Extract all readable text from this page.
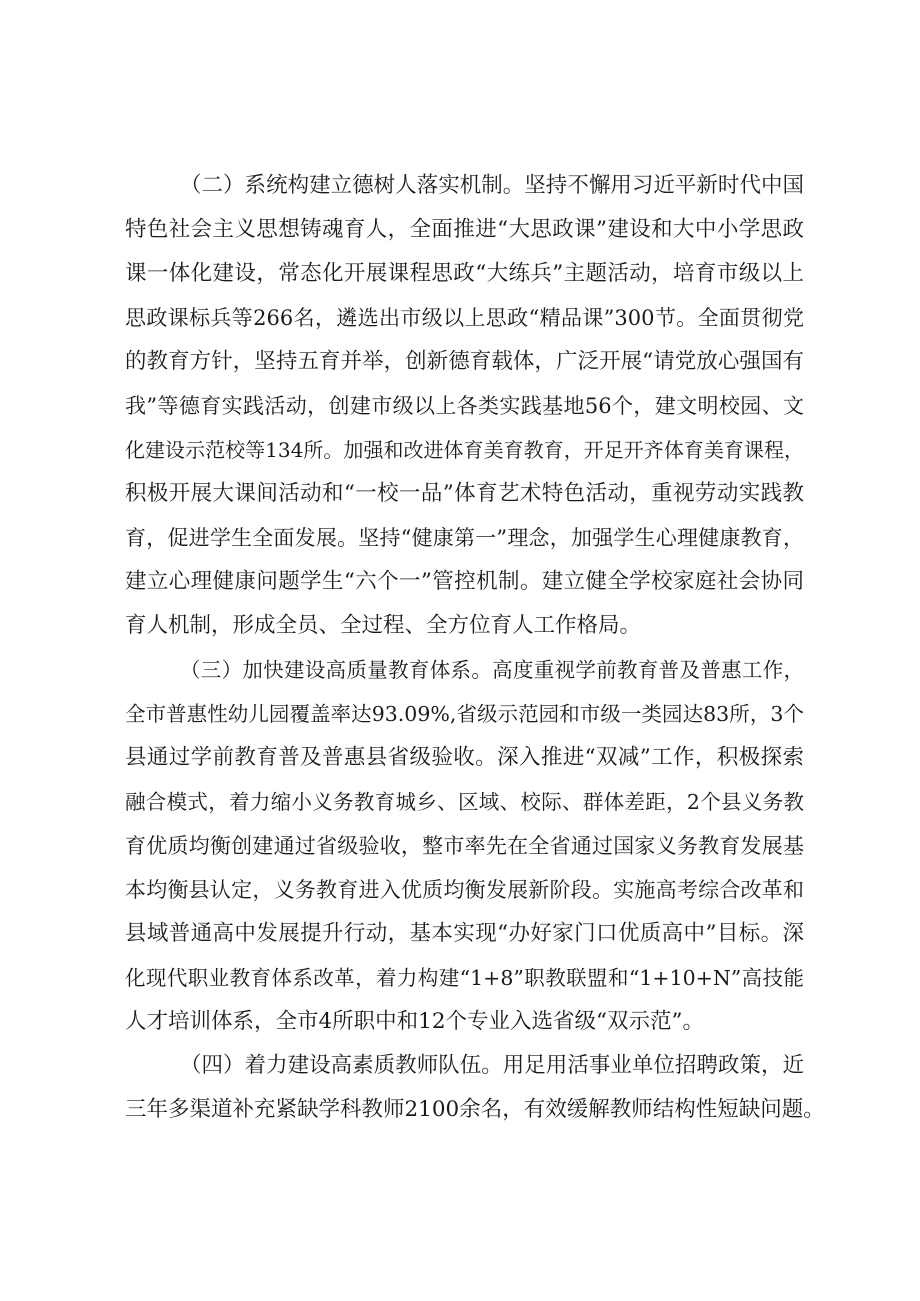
（二）系统构建立德树人落实机制。坚持不懈用习近平新时代中国
特色社会主义思想铸魂育人，全面推进“大思政课”建设和大中小学思政
课一体化建设，常态化开展课程思政“大练兵”主题活动，培育市级以上
思政课标兵等266名，遴选出市级以上思政“精品课”300节。全面贯彻党
的教育方针，坚持五育并举，创新德育载体，广泛开展“请党放心强国有
我”等德育实践活动，创建市级以上各类实践基地56个，建文明校园、文
化建设示范校等134所。加强和改进体育美育教育，开足开齐体育美育课程，
积极开展大课间活动和“一校一品”体育艺术特色活动，重视劳动实践教
育，促进学生全面发展。坚持“健康第一”理念，加强学生心理健康教育，
建立心理健康问题学生“六个一”管控机制。建立健全学校家庭社会协同
育人机制，形成全员、全过程、全方位育人工作格局。
（三）加快建设高质量教育体系。高度重视学前教育普及普惠工作，
全市普惠性幼儿园覆盖率达93.09%,省级示范园和市级一类园达83所，3个
县通过学前教育普及普惠县省级验收。深入推进“双减”工作，积极探索
融合模式，着力缩小义务教育城乡、区域、校际、群体差距，2个县义务教
育优质均衡创建通过省级验收，整市率先在全省通过国家义务教育发展基
本均衡县认定，义务教育进入优质均衡发展新阶段。实施高考综合改革和
县域普通高中发展提升行动，基本实现“办好家门口优质高中”目标。深
化现代职业教育体系改革，着力构建“1+8”职教联盟和“1+10+N”高技能
人才培训体系，全市4所职中和12个专业入选省级“双示范”。
（四）着力建设高素质教师队伍。用足用活事业单位招聘政策，近
三年多渠道补充紧缺学科教师2100余名，有效缓解教师结构性短缺问题。
